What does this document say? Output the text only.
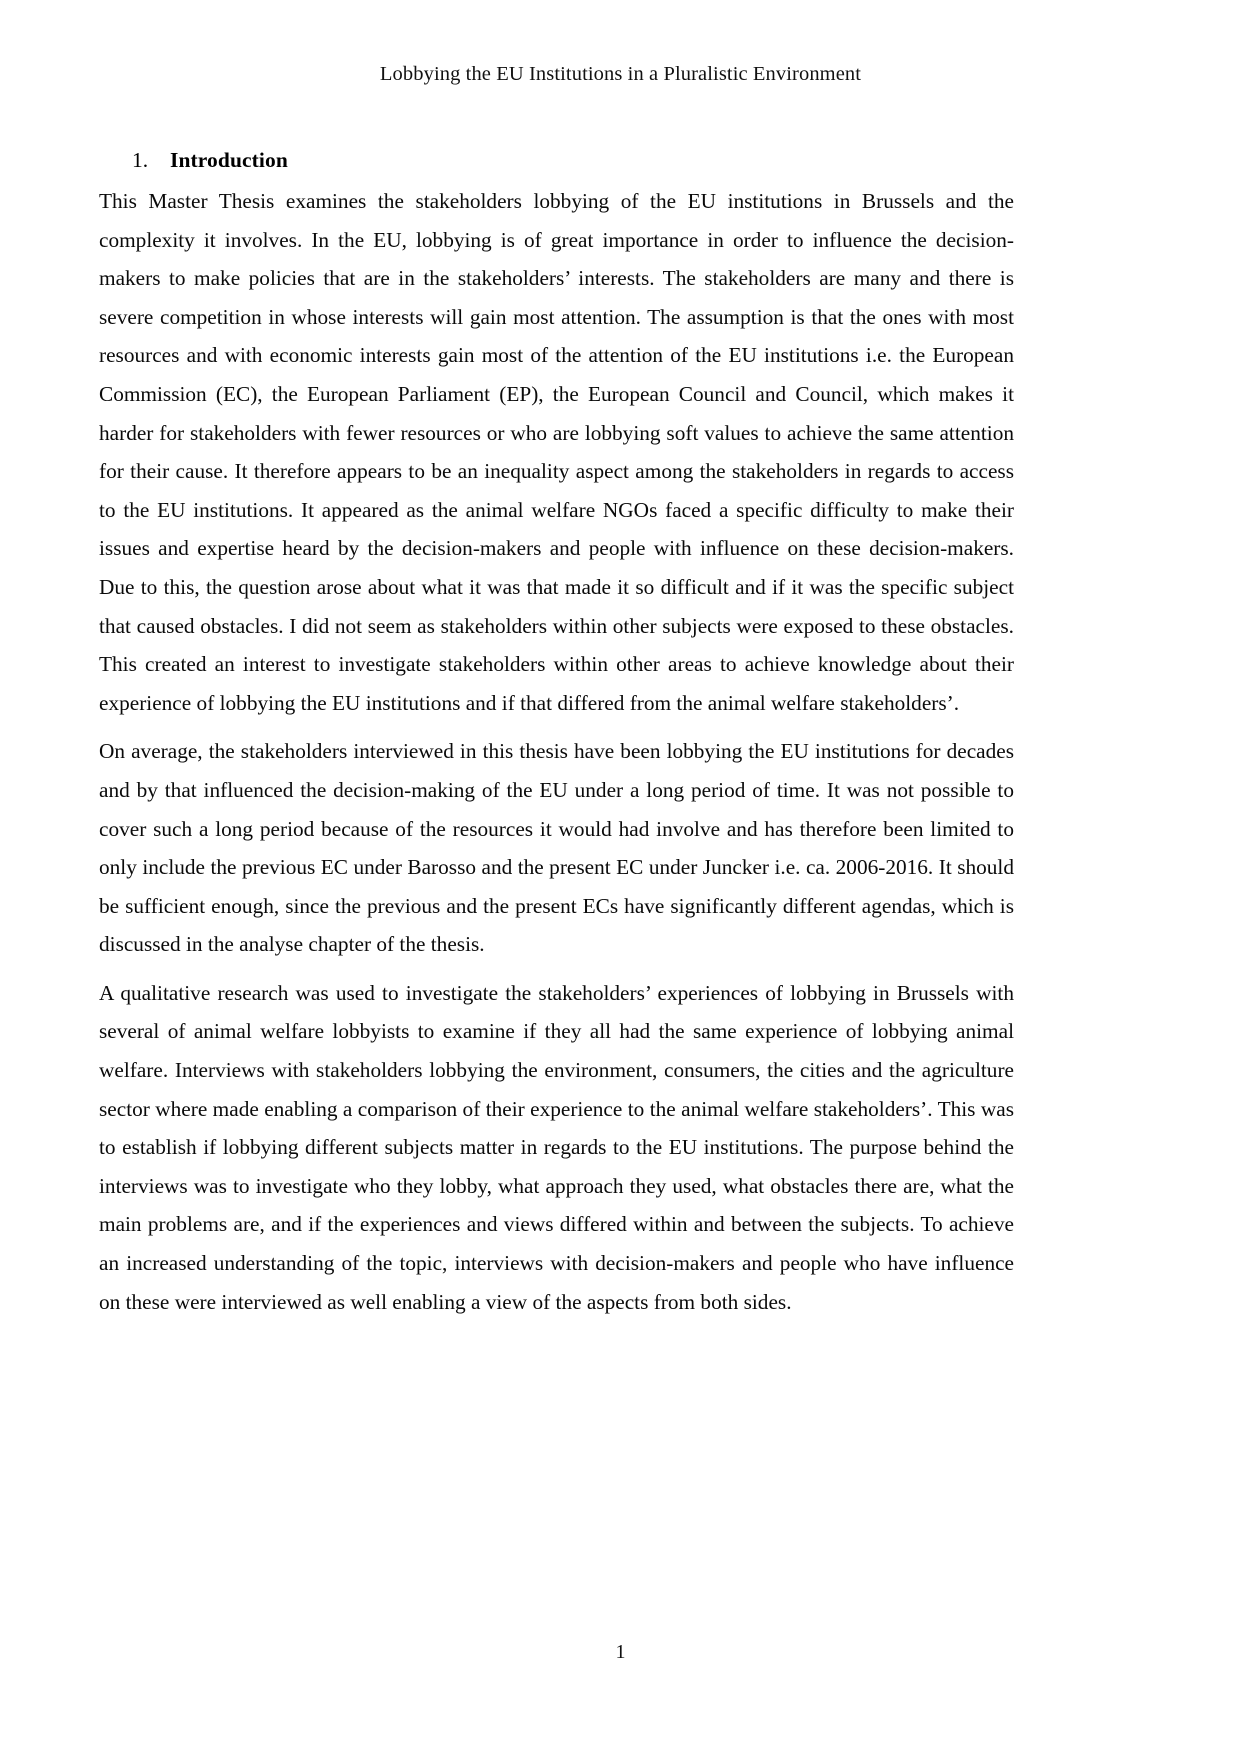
Lobbying the EU Institutions in a Pluralistic Environment
1.	Introduction

This Master Thesis examines the stakeholders lobbying of the EU institutions in Brussels and the complexity it involves. In the EU, lobbying is of great importance in order to influence the decision-makers to make policies that are in the stakeholders’ interests. The stakeholders are many and there is severe competition in whose interests will gain most attention. The assumption is that the ones with most resources and with economic interests gain most of the attention of the EU institutions i.e. the European Commission (EC), the European Parliament (EP), the European Council and Council, which makes it harder for stakeholders with fewer resources or who are lobbying soft values to achieve the same attention for their cause. It therefore appears to be an inequality aspect among the stakeholders in regards to access to the EU institutions. It appeared as the animal welfare NGOs faced a specific difficulty to make their issues and expertise heard by the decision-makers and people with influence on these decision-makers. Due to this, the question arose about what it was that made it so difficult and if it was the specific subject that caused obstacles. I did not seem as stakeholders within other subjects were exposed to these obstacles. This created an interest to investigate stakeholders within other areas to achieve knowledge about their experience of lobbying the EU institutions and if that differed from the animal welfare stakeholders’.

On average, the stakeholders interviewed in this thesis have been lobbying the EU institutions for decades and by that influenced the decision-making of the EU under a long period of time. It was not possible to cover such a long period because of the resources it would had involve and has therefore been limited to only include the previous EC under Barosso and the present EC under Juncker i.e. ca. 2006-2016. It should be sufficient enough, since the previous and the present ECs have significantly different agendas, which is discussed in the analyse chapter of the thesis.

A qualitative research was used to investigate the stakeholders’ experiences of lobbying in Brussels with several of animal welfare lobbyists to examine if they all had the same experience of lobbying animal welfare. Interviews with stakeholders lobbying the environment, consumers, the cities and the agriculture sector where made enabling a comparison of their experience to the animal welfare stakeholders’. This was to establish if lobbying different subjects matter in regards to the EU institutions. The purpose behind the interviews was to investigate who they lobby, what approach they used, what obstacles there are, what the main problems are, and if the experiences and views differed within and between the subjects. To achieve an increased understanding of the topic, interviews with decision-makers and people who have influence on these were interviewed as well enabling a view of the aspects from both sides.

1
